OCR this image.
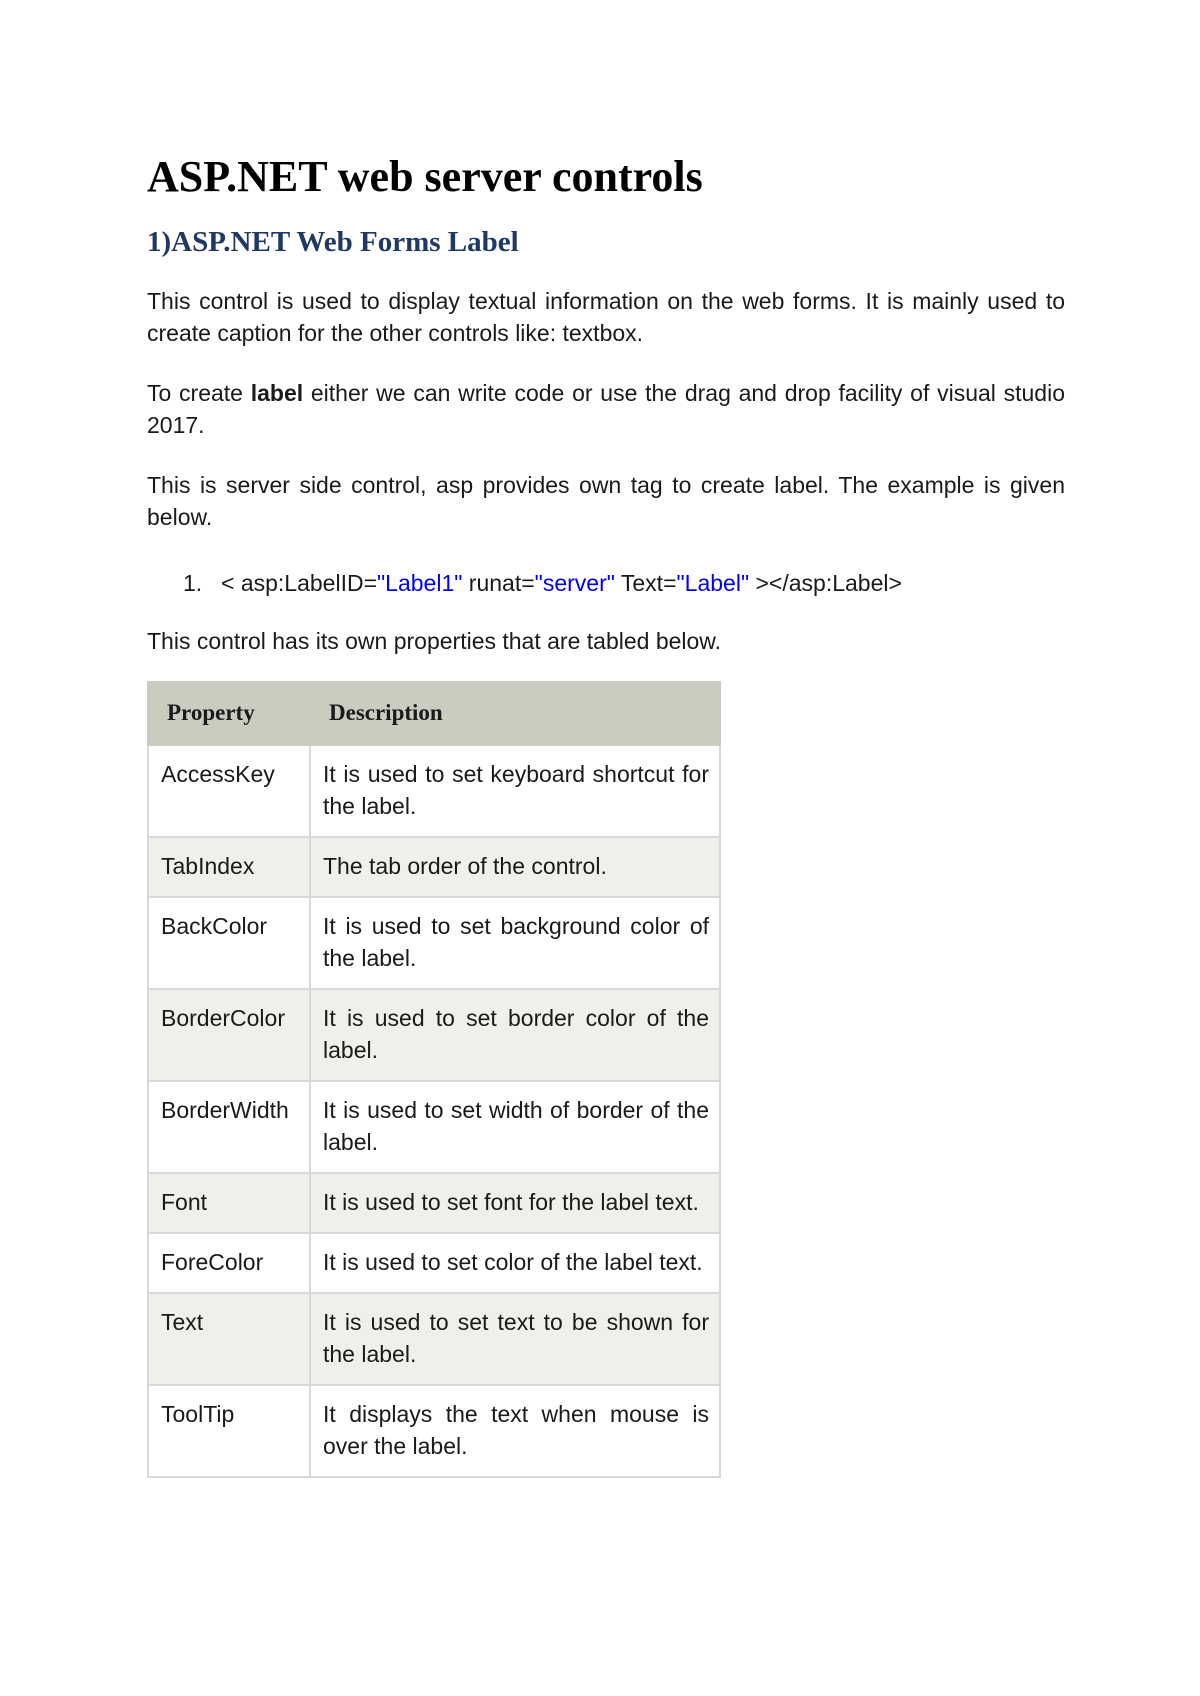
ASP.NET web server controls
1)ASP.NET Web Forms Label

This control is used to display textual information on the web forms. It is mainly used to create caption for the other controls like: textbox.

To create label either we can write code or use the drag and drop facility of visual studio 2017.

This is server side control, asp provides own tag to create label. The example is given below.

1. < asp:LabelID="Label1" runat="server" Text="Label" ></asp:Label>

This control has its own properties that are tabled below.

Property	Description
AccessKey	It is used to set keyboard shortcut for the label.
TabIndex	The tab order of the control.
BackColor	It is used to set background color of the label.
BorderColor	It is used to set border color of the label.
BorderWidth	It is used to set width of border of the label.
Font	It is used to set font for the label text.
ForeColor	It is used to set color of the label text.
Text	It is used to set text to be shown for the label.
ToolTip	It displays the text when mouse is over the label.
